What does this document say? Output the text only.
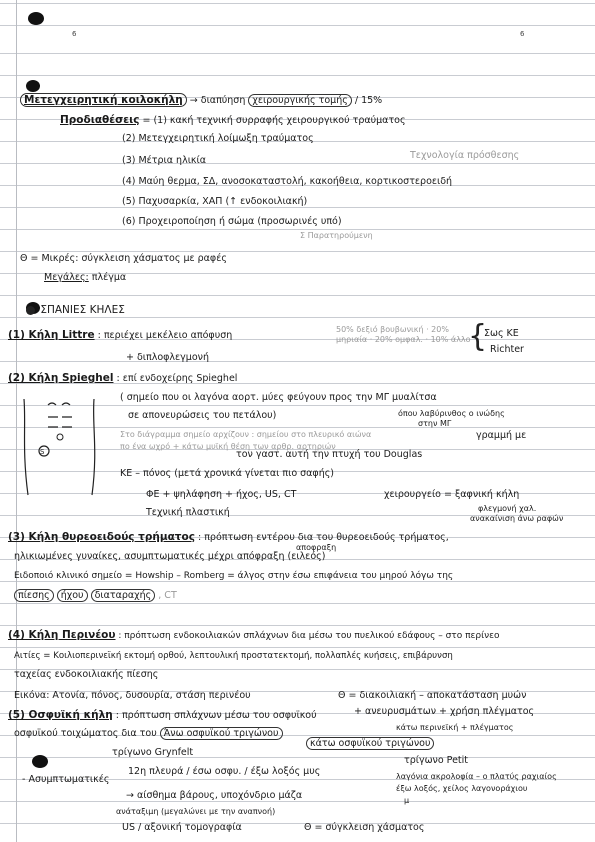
6	6
Μετεγχειρητική κοιλοκήλη → διαπύηση χειρουργικής τομής / 15%
Προδιαθέσεις = (1) κακή τεχνική συρραφής χειρουργικού τραύματος
(2) Μετεγχειρητική λοίμωξη τραύματος
(3) Μέτρια ηλικία	Τεχνολογία πρόσθεσης
(4) Μαύη θερ̣μα, ΣΔ, ανοσοκαταστολή, κακοήθεια, κορτικοστεροειδή
(5) Παχυσαρκία, ΧΑΠ (↑ ενδοκοιλιακή)
(6) Προχειροποίηση ή σώμα (προσωρινές υπό)
Σ Παρατηρούμενη
Θ = Μικρές: σύγκλειση χάσματος με ραφές
Μεγάλες: πλέγμα
ΣΠΑΝΙΕΣ ΚΗΛΕΣ
(1) Κήλη Littre : περιέχει μεκέλειο απόφυση
50% δεξιό βουβωνική · 20% μηριαία · 20% ομφαλ. · 10% άλλο
{
Σως ΚΕ
Richter
+ διπλοφλεγμονή
(2) Κήλη Spieghel : επί ενδοχείρης Spieghel
S
( σημείο που οι λαγόνα αορτ. μύες φεύγουν προς την ΜΓ μυαλίτσα
σε απονευρώσεις του πετάλου)	όπου λαβύρινθος ο ινώδης
στην ΜΓ
Στο διάγραμμα σημείο αρχίζουν : σημείου στο πλευρικό αιώνα	γραμμή με
πο ένα ωχρό + κάτω μυϊκή θέση των αρθρ. αρτηριών
τον γαστ. αυτή την πτυχή του Douglas
ΚΕ – πόνος (μετά χρονικά γίνεται πιο σαφής)
ΦΕ + ψηλάφηση + ήχος, US, CT	χειρουργείο = ξαφνική κήλη
Τεχνική πλαστική	φλεγμονή χαλ.
ανακαίνιση άνω ραφών
(3) Κήλη θυρεοειδούς τρήματος : πρόπτωση εντέρου δια του θυρεοειδούς τρήματος,
αποφραξη
ηλικιωμένες γυναίκες, ασυμπτωματικές μέχρι απόφραξη (ειλεός)
Ειδοποιό κλινικό σημείο = Howship – Romberg = άλγος στην έσω επιφάνεια του μηρού λόγω της
πίεσης ήχου διαταραχής , CT
(4) Κήλη Περινέου : πρόπτωση ενδοκοιλιακών σπλάχνων δια μέσω του πυελικού εδάφους – στο περίνεο
Αιτίες = Κοιλιοπερινεϊκή εκτομή ορθού, λεπτουλική προστατεκτομή, πολλαπλές κυήσεις, επιβάρυνση
ταχείας ενδοκοιλιακής πίεσης
Εικόνα: Ατονία, πόνος, δυσουρία, στάση περινέου	Θ = διακοιλιακή – αποκατάσταση μυών
+ ανευρυσμάτων + χρήση πλέγματος
κάτω περινεϊκή + πλέγματος
(5) Οσφυϊκή κήλη : πρόπτωση σπλάχνων μέσω του οσφυϊκού
οσφυϊκού τοιχώματος δια του Άνω οσφυϊκού τριγώνου
κάτω οσφυϊκού τριγώνου
τρίγωνο Grynfelt
τρίγωνο Petit
12η πλευρά / έσω οσφυ. / έξω λοξός μυς	λαγόνια ακρολοφία – ο πλατύς ραχιαίος
έξω λοξός, χείλος λαγονοράχιου
μ
- Ασυμπτωματικές
→ αίσθημα βάρους, υποχόνδριο μάζα
ανάταξιμη (μεγαλώνει με την αναπνοή)
US / αξονική τομογραφία	Θ = σύγκλειση χάσματος
